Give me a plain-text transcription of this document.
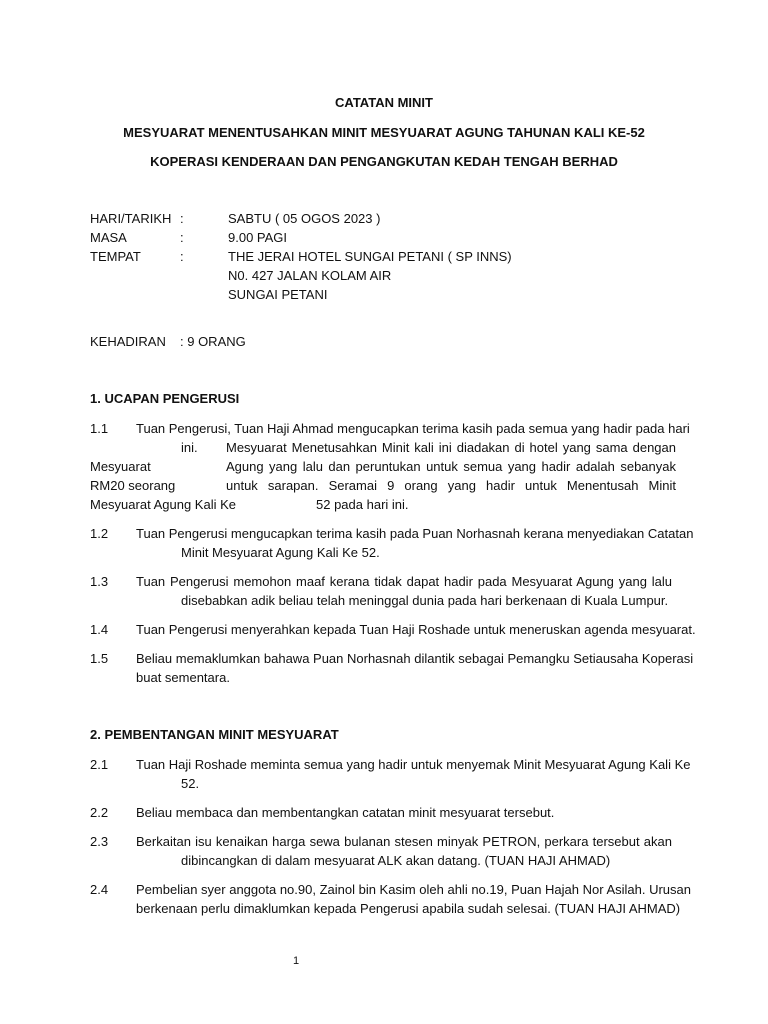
CATATAN MINIT
MESYUARAT MENENTUSAHKAN MINIT MESYUARAT AGUNG TAHUNAN KALI KE-52
KOPERASI KENDERAAN DAN PENGANGKUTAN KEDAH TENGAH BERHAD
HARI/TARIKH :	SABTU ( 05 OGOS 2023 )
MASA	:	9.00 PAGI
TEMPAT	:	THE JERAI HOTEL SUNGAI PETANI ( SP INNS)
N0. 427 JALAN KOLAM AIR
SUNGAI PETANI
KEHADIRAN : 9 ORANG
1. UCAPAN PENGERUSI
1.1 Tuan Pengerusi, Tuan Haji Ahmad mengucapkan terima kasih pada semua yang hadir pada hari
ini. Mesyuarat Menetusahkan Minit kali ini diadakan di hotel yang sama dengan
Mesyuarat	Agung yang lalu dan peruntukan untuk semua yang hadir adalah sebanyak
RM20 seorang	untuk sarapan. Seramai 9 orang yang hadir untuk Menentusah Minit
Mesyuarat Agung Kali Ke	52 pada hari ini.
1.2 Tuan Pengerusi mengucapkan terima kasih pada Puan Norhasnah kerana menyediakan Catatan
Minit Mesyuarat Agung Kali Ke 52.
1.3 Tuan Pengerusi memohon maaf kerana tidak dapat hadir pada Mesyuarat Agung yang lalu
disebabkan adik beliau telah meninggal dunia pada hari berkenaan di Kuala Lumpur.
1.4 Tuan Pengerusi menyerahkan kepada Tuan Haji Roshade untuk meneruskan agenda mesyuarat.
1.5 Beliau memaklumkan bahawa Puan Norhasnah dilantik sebagai Pemangku Setiausaha Koperasi
buat sementara.
2. PEMBENTANGAN MINIT MESYUARAT
2.1 Tuan Haji Roshade meminta semua yang hadir untuk menyemak Minit Mesyuarat Agung Kali Ke
52.
2.2 Beliau membaca dan membentangkan catatan minit mesyuarat tersebut.
2.3 Berkaitan isu kenaikan harga sewa bulanan stesen minyak PETRON, perkara tersebut akan
dibincangkan di dalam mesyuarat ALK akan datang. (TUAN HAJI AHMAD)
2.4 Pembelian syer anggota no.90, Zainol bin Kasim oleh ahli no.19, Puan Hajah Nor Asilah. Urusan
berkenaan perlu dimaklumkan kepada Pengerusi apabila sudah selesai. (TUAN HAJI AHMAD)
1
